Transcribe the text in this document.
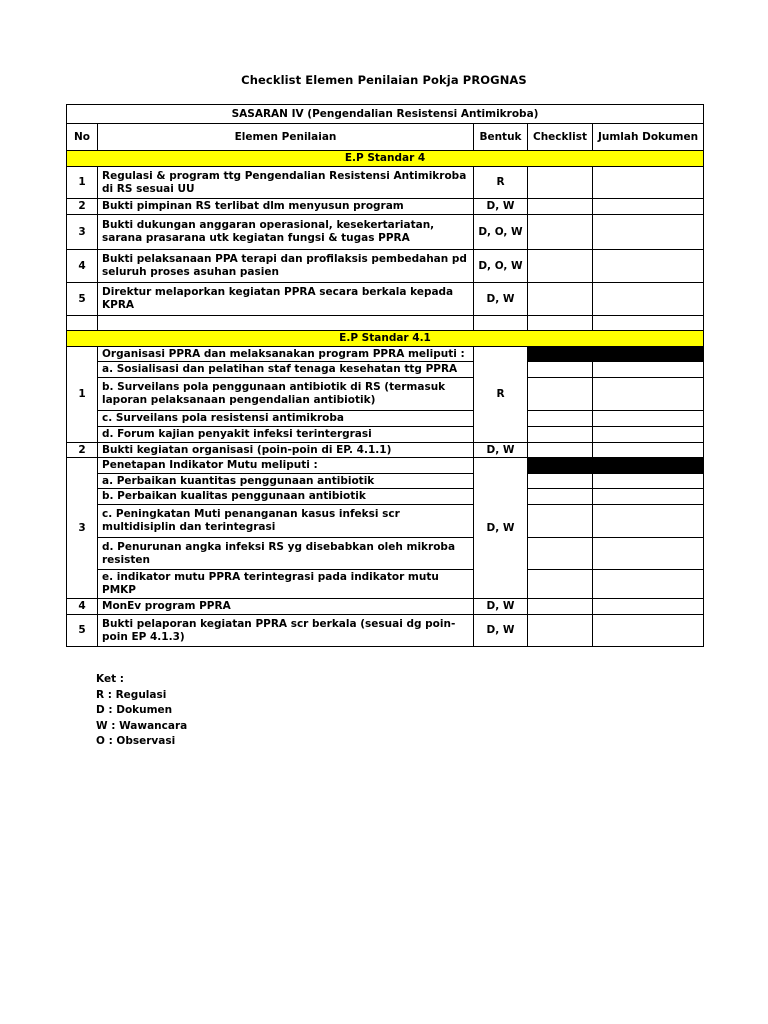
Checklist Elemen Penilaian Pokja PROGNAS
SASARAN IV (Pengendalian Resistensi Antimikroba)				
No	Elemen Penilaian	Bentuk	Checklist	Jumlah Dokumen
E.P Standar 4				
1	Regulasi & program ttg Pengendalian Resistensi Antimikroba di RS sesuai UU	R		
2	Bukti pimpinan RS terlibat dlm menyusun program	D, W		
3	Bukti dukungan anggaran operasional, kesekertariatan, sarana prasarana utk kegiatan fungsi & tugas PPRA	D, O, W		
4	Bukti pelaksanaan PPA terapi dan profilaksis pembedahan pd seluruh proses asuhan pasien	D, O, W		
5	Direktur melaporkan kegiatan PPRA secara berkala kepada KPRA	D, W		

E.P Standar 4.1				
1	Organisasi PPRA dan melaksanakan program PPRA meliputi :	R		
	a. Sosialisasi dan pelatihan staf tenaga kesehatan ttg PPRA			
	b. Surveilans pola penggunaan antibiotik di RS (termasuk laporan pelaksanaan pengendalian antibiotik)			
	c. Surveilans pola resistensi antimikroba			
	d. Forum kajian penyakit infeksi terintergrasi			
2	Bukti kegiatan organisasi (poin-poin di EP. 4.1.1)	D, W		
3	Penetapan Indikator Mutu meliputi :	D, W		
	a. Perbaikan kuantitas penggunaan antibiotik			
	b. Perbaikan kualitas penggunaan antibiotik			
	c. Peningkatan Muti penanganan kasus infeksi scr multidisiplin dan terintegrasi			
	d. Penurunan angka infeksi RS yg disebabkan oleh mikroba resisten			
	e. indikator mutu PPRA terintegrasi pada indikator mutu PMKP			
4	MonEv program PPRA	D, W		
5	Bukti pelaporan kegiatan PPRA scr berkala (sesuai dg poin-poin EP 4.1.3)	D, W		
Ket :
R : Regulasi
D : Dokumen
W : Wawancara
O : Observasi
